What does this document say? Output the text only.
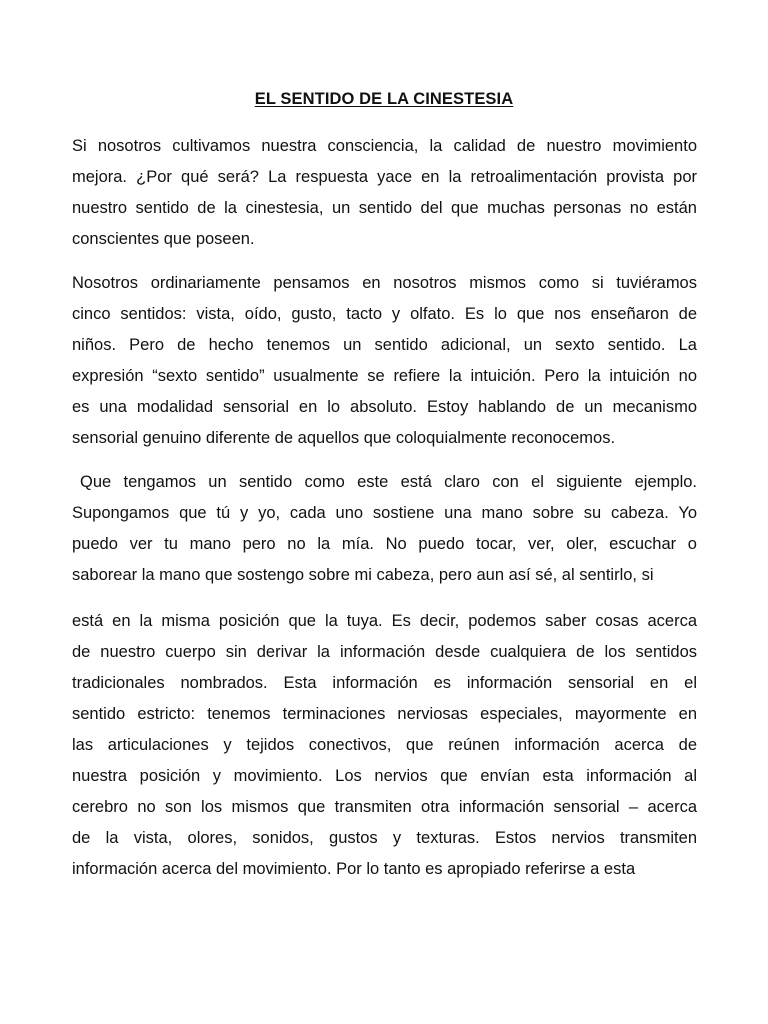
EL SENTIDO DE LA CINESTESIA

Si nosotros cultivamos nuestra consciencia, la calidad de nuestro movimiento
mejora. ¿Por qué será? La respuesta yace en la retroalimentación provista por
nuestro sentido de la cinestesia, un sentido del que muchas personas no están
conscientes que poseen.

Nosotros ordinariamente pensamos en nosotros mismos como si tuviéramos
cinco sentidos: vista, oído, gusto, tacto y olfato. Es lo que nos enseñaron de
niños. Pero de hecho tenemos un sentido adicional, un sexto sentido. La
expresión “sexto sentido” usualmente se refiere la intuición. Pero la intuición no
es una modalidad sensorial en lo absoluto. Estoy hablando de un mecanismo
sensorial genuino diferente de aquellos que coloquialmente reconocemos.

Que tengamos un sentido como este está claro con el siguiente ejemplo.
Supongamos que tú y yo, cada uno sostiene una mano sobre su cabeza. Yo
puedo ver tu mano pero no la mía. No puedo tocar, ver, oler, escuchar o
saborear la mano que sostengo sobre mi cabeza, pero aun así sé, al sentirlo, si

está en la misma posición que la tuya. Es decir, podemos saber cosas acerca
de nuestro cuerpo sin derivar la información desde cualquiera de los sentidos
tradicionales nombrados. Esta información es información sensorial en el
sentido estricto: tenemos terminaciones nerviosas especiales, mayormente en
las articulaciones y tejidos conectivos, que reúnen información acerca de
nuestra posición y movimiento. Los nervios que envían esta información al
cerebro no son los mismos que transmiten otra información sensorial – acerca
de la vista, olores, sonidos, gustos y texturas. Estos nervios transmiten
información acerca del movimiento. Por lo tanto es apropiado referirse a esta
